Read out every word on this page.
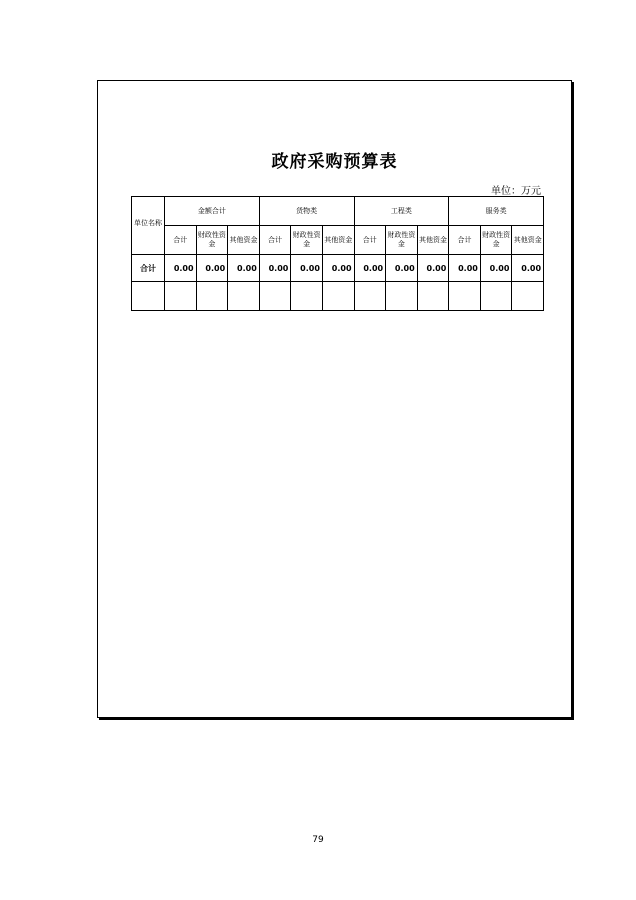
政府采购预算表
单位：万元
单位名称	金额合计			货物类			工程类			服务类		
	合计	财政性资金	其他资金	合计	财政性资金	其他资金	合计	财政性资金	其他资金	合计	财政性资金	其他资金
合计	0.00	0.00	0.00	0.00	0.00	0.00	0.00	0.00	0.00	0.00	0.00	0.00

79
